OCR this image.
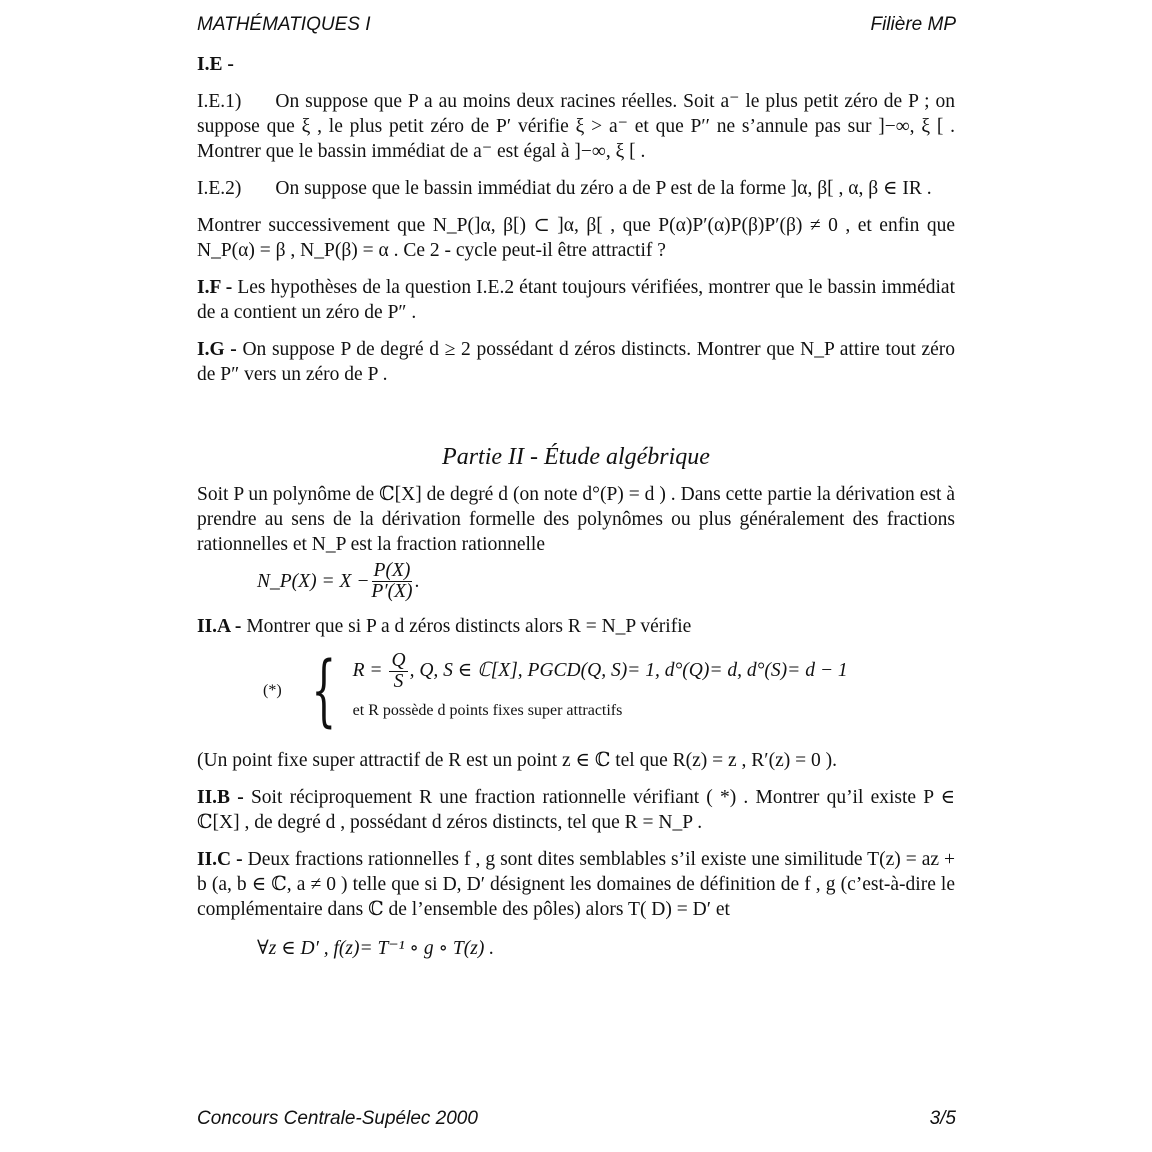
MATHÉMATIQUES I	Filière MP

I.E -

I.E.1) On suppose que P a au moins deux racines réelles. Soit a⁻ le plus petit zéro de P ; on suppose que ξ , le plus petit zéro de P′ vérifie ξ > a⁻ et que P′′ ne s’annule pas sur ]−∞, ξ [ . Montrer que le bassin immédiat de a⁻ est égal à ]−∞, ξ [ .

I.E.2) On suppose que le bassin immédiat du zéro a de P est de la forme ]α, β[ , α, β ∈ IR .

Montrer successivement que N_P(]α, β[) ⊂ ]α, β[ , que P(α)P′(α)P(β)P′(β) ≠ 0 , et enfin que N_P(α) = β , N_P(β) = α . Ce 2 - cycle peut-il être attractif ?

I.F - Les hypothèses de la question I.E.2 étant toujours vérifiées, montrer que le bassin immédiat de a contient un zéro de P″ .

I.G - On suppose P de degré d ≥ 2 possédant d zéros distincts. Montrer que N_P attire tout zéro de P″ vers un zéro de P .

Partie II - Étude algébrique

Soit P un polynôme de ℂ[X] de degré d (on note d°(P) = d ) . Dans cette partie la dérivation est à prendre au sens de la dérivation formelle des polynômes ou plus généralement des fractions rationnelles et N_P est la fraction rationnelle

N_P(X) = $X - \frac{P(X)}{P'(X)}$ .

II.A - Montrer que si P a d zéros distincts alors R = N_P vérifie

(*) { $R = \frac{Q}{S}$ , Q, S ∈ ℂ[X], PGCD(Q, S)= 1, d°(Q)= d, d°(S)= d − 1
et R possède d points fixes super attractifs

(Un point fixe super attractif de R est un point z ∈ ℂ tel que R(z) = z , R′(z) = 0 ).

II.B - Soit réciproquement R une fraction rationnelle vérifiant ( *) . Montrer qu’il existe P ∈ ℂ[X] , de degré d , possédant d zéros distincts, tel que R = N_P .

II.C - Deux fractions rationnelles f , g sont dites semblables s’il existe une similitude T(z) = az + b (a, b ∈ ℂ, a ≠ 0 ) telle que si D, D′ désignent les domaines de définition de f , g (c’est-à-dire le complémentaire dans ℂ de l’ensemble des pôles) alors T( D) = D′ et

∀z ∈ D′ , f(z)= T⁻¹ ∘ g ∘ T(z) .
Concours Centrale-Supélec 2000	3/5
